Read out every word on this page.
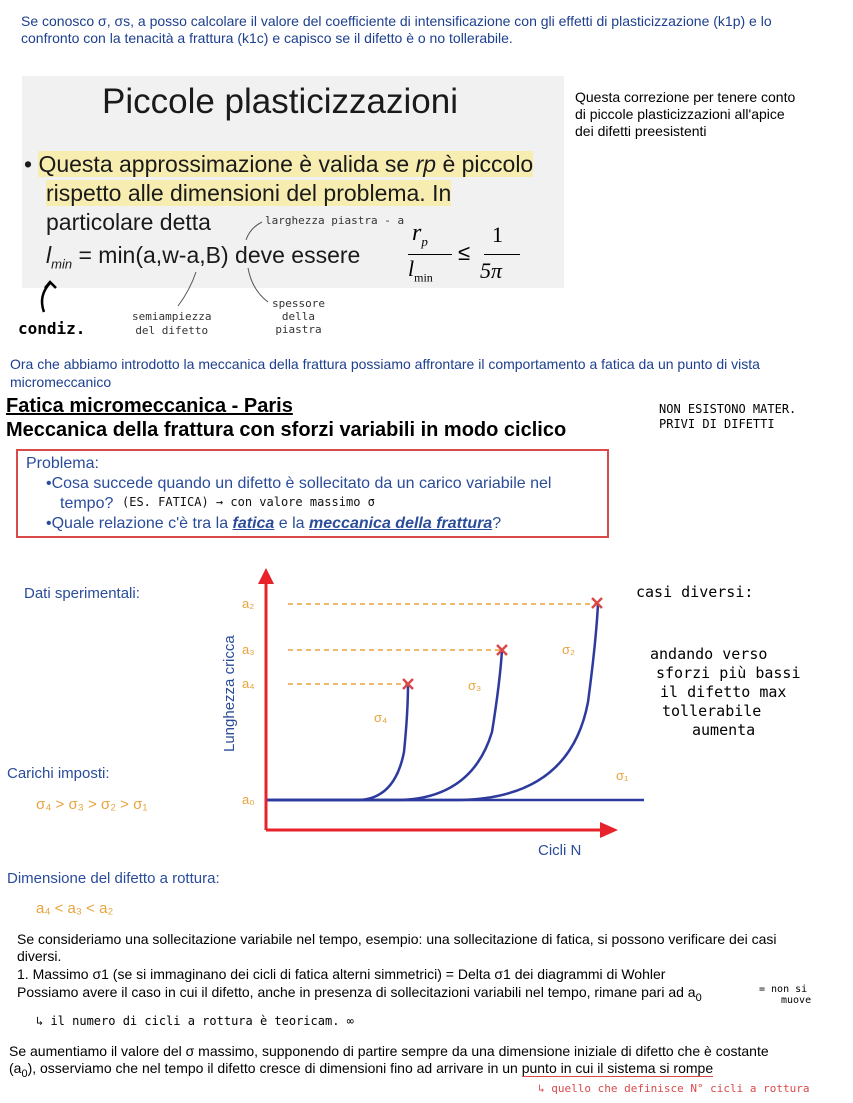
Se conosco σ, σs, a posso calcolare il valore del coefficiente di intensificazione con gli effetti di plasticizzazione (k1p) e lo
confronto con la tenacità a frattura (k1c) e capisco se il difetto è o no tollerabile.
Piccole plasticizzazioni
• Questa approssimazione è valida se rp è piccolo
rispetto alle dimensioni del problema. In
particolare detta
$l_{min} = \min(a,w-a,B)$ deve essere
$r_p$
$l_{min}$
≤
1
5π
Questa correzione per tenere conto
di piccole plasticizzazioni all'apice
dei difetti preesistenti
larghezza piastra - a
condiz.
semiampiezza
del difetto
spessore
della
piastra
Ora che abbiamo introdotto la meccanica della frattura possiamo affrontare il comportamento a fatica da un punto di vista
micromeccanico
Fatica micromeccanica - Paris
Meccanica della frattura con sforzi variabili in modo ciclico
NON ESISTONO MATER.
PRIVI DI DIFETTI
Problema:
•Cosa succede quando un difetto è sollecitato da un carico variabile nel
tempo? (ES. FATICA) → con valore massimo σ
•Quale relazione c'è tra la fatica e la meccanica della frattura?
Dati sperimentali:
Carichi imposti:
σ₄ > σ₃ > σ₂ > σ₁
Dimensione del difetto a rottura:
a₄ < a₃ < a₂
a₂
a₃
a₄
a₀
σ₄
σ₃
σ₂
σ₁
Cicli N
Lunghezza cricca
casi diversi:
andando verso
sforzi più bassi
il difetto max
tollerabile
aumenta
Se consideriamo una sollecitazione variabile nel tempo, esempio: una sollecitazione di fatica, si possono verificare dei casi
diversi.
1. Massimo σ1 (se si immaginano dei cicli di fatica alterni simmetrici) = Delta σ1 dei diagrammi di Wohler
Possiamo avere il caso in cui il difetto, anche in presenza di sollecitazioni variabili nel tempo, rimane pari ad $a_0$
= non si
muove
↳ il numero di cicli a rottura è teoricam. ∞
Se aumentiamo il valore del σ massimo, supponendo di partire sempre da una dimensione iniziale di difetto che è costante
$(a_0)$, osserviamo che nel tempo il difetto cresce di dimensioni fino ad arrivare in un punto in cui il sistema si rompe
↳ quello che definisce N° cicli a rottura
